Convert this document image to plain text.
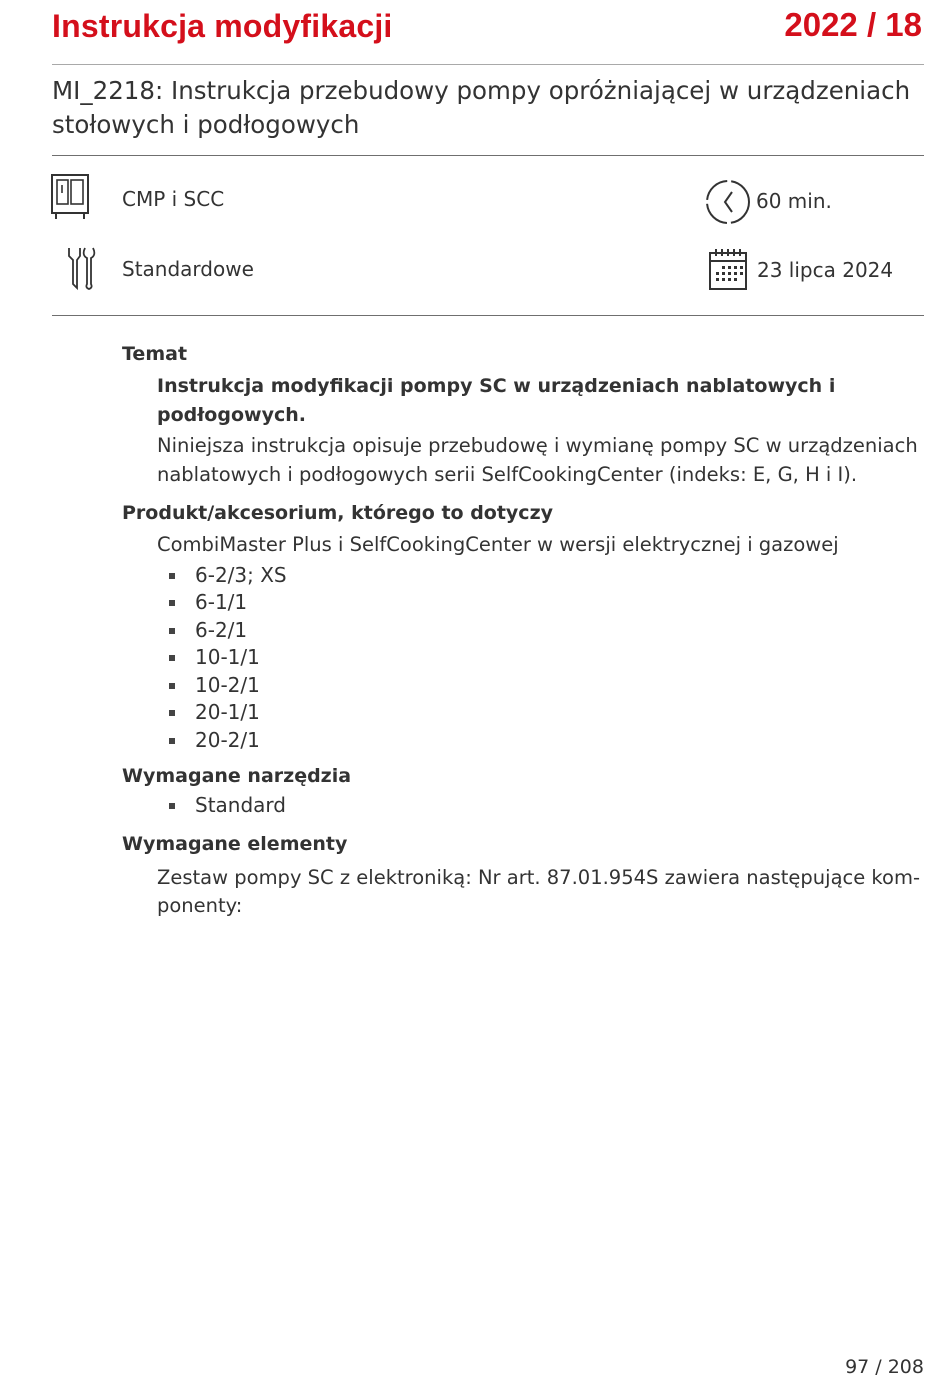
Instrukcja modyfikacji	2022 / 18
MI_2218: Instrukcja przebudowy pompy opróżniającej w urządzeniach stołowych i podłogowych
CMP i SCC	60 min.
Standardowe	23 lipca 2024
Temat
Instrukcja modyfikacji pompy SC w urządzeniach nablatowych i podłogowych.
Niniejsza instrukcja opisuje przebudowę i wymianę pompy SC w urządzeniach nablatowych i podłogowych serii SelfCookingCenter (indeks: E, G, H i I).
Produkt/akcesorium, którego to dotyczy
CombiMaster Plus i SelfCookingCenter w wersji elektrycznej i gazowej
6-2/3; XS
6-1/1
6-2/1
10-1/1
10-2/1
20-1/1
20-2/1
Wymagane narzędzia
Standard
Wymagane elementy
Zestaw pompy SC z elektroniką: Nr art. 87.01.954S zawiera następujące kom-ponenty:
97 / 208
